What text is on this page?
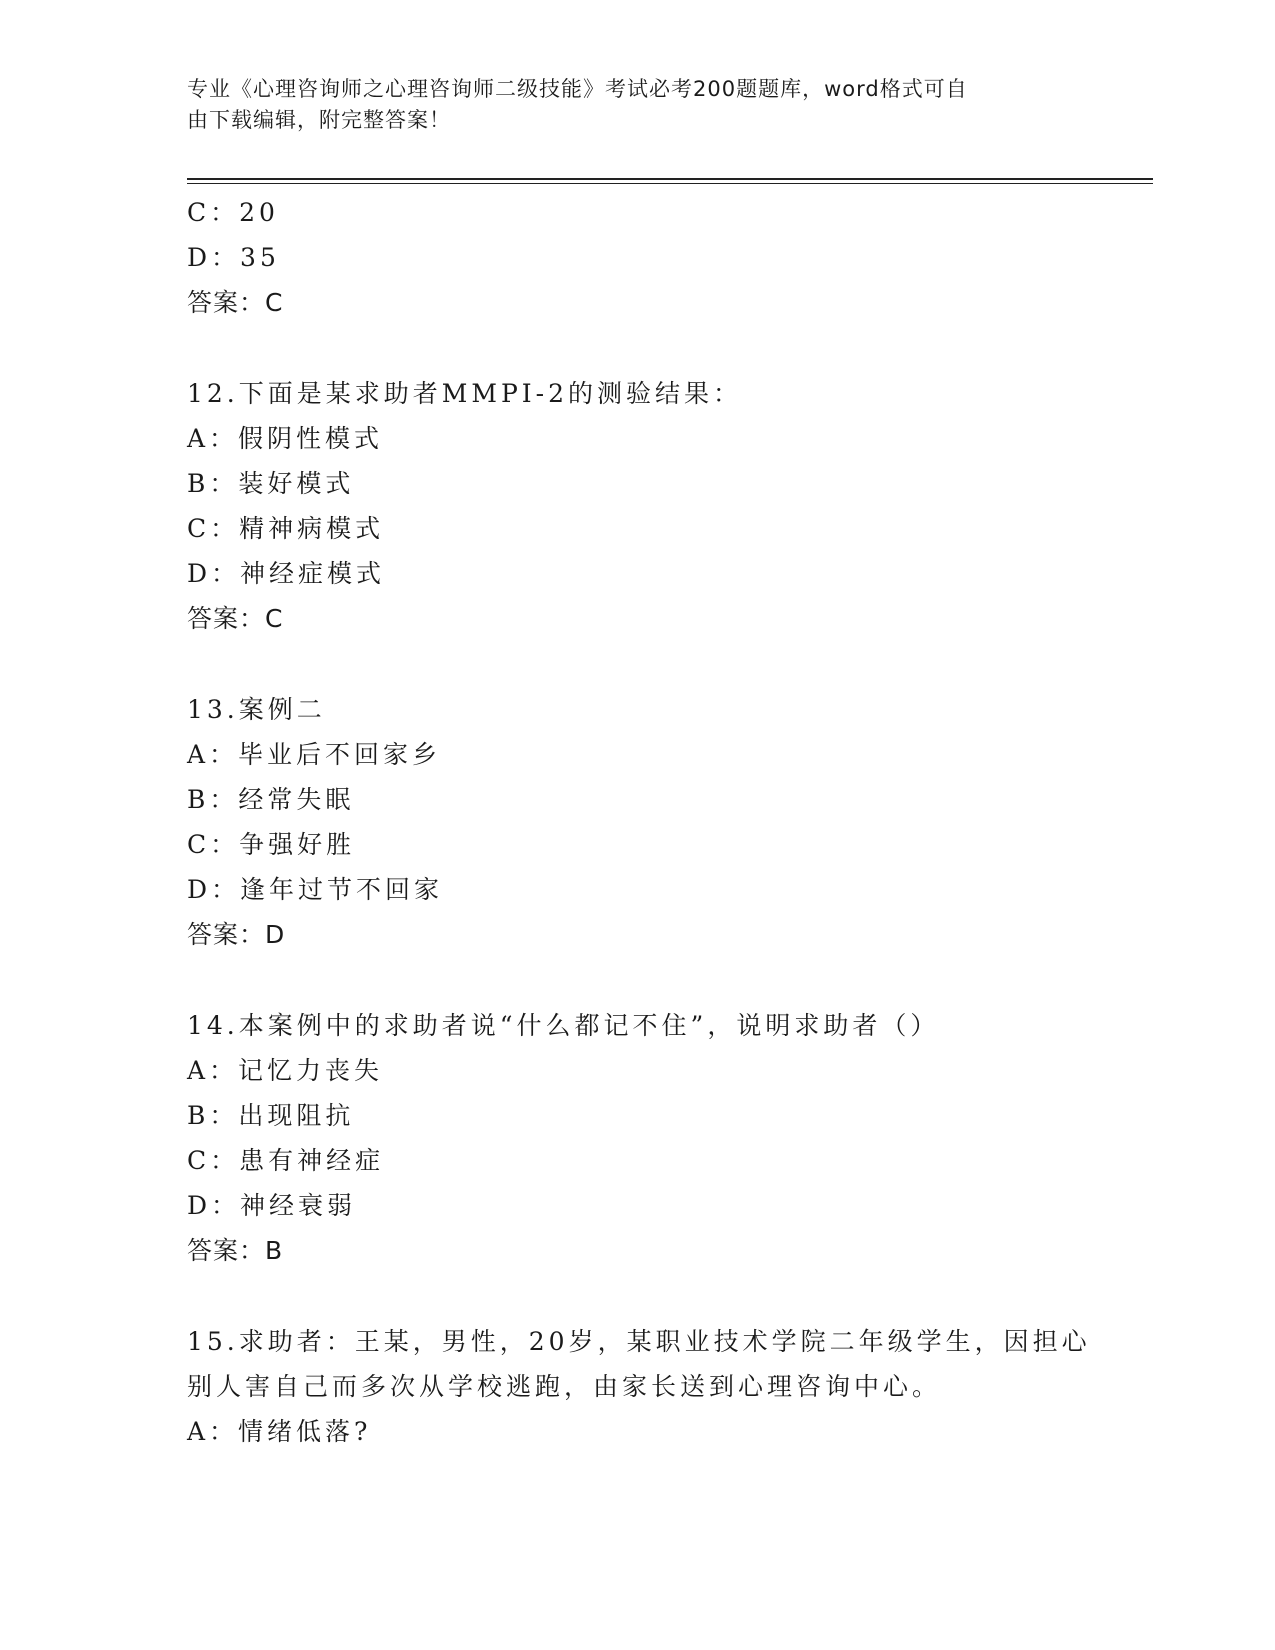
专业《心理咨询师之心理咨询师二级技能》考试必考200题题库，word格式可自
由下载编辑，附完整答案！
C：20
D：35
答案：C
12.下面是某求助者MMPI-2的测验结果：
A：假阴性模式
B：装好模式
C：精神病模式
D：神经症模式
答案：C
13.案例二
A：毕业后不回家乡
B：经常失眠
C：争强好胜
D：逢年过节不回家
答案：D
14.本案例中的求助者说“什么都记不住”，说明求助者（）
A：记忆力丧失
B：出现阻抗
C：患有神经症
D：神经衰弱
答案：B
15.求助者：王某，男性，20岁，某职业技术学院二年级学生，因担心
别人害自己而多次从学校逃跑，由家长送到心理咨询中心。
A：情绪低落?
